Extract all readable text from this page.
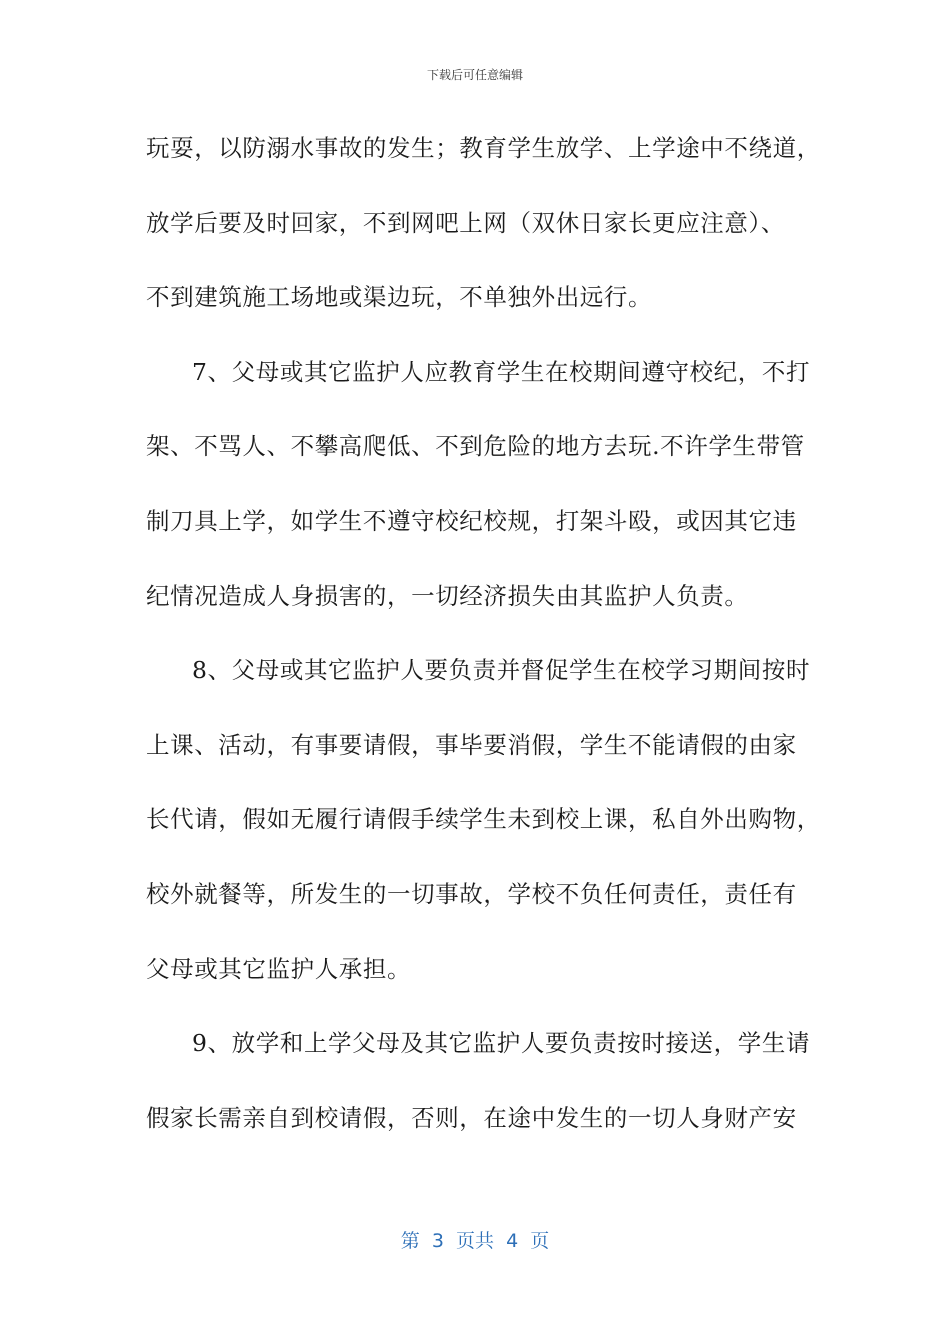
下载后可任意编辑
玩耍，以防溺水事故的发生；教育学生放学、上学途中不绕道，
放学后要及时回家，不到网吧上网（双休日家长更应注意）、
不到建筑施工场地或渠边玩，不单独外出远行。
7、父母或其它监护人应教育学生在校期间遵守校纪，不打
架、不骂人、不攀高爬低、不到危险的地方去玩.不许学生带管
制刀具上学，如学生不遵守校纪校规，打架斗殴，或因其它违
纪情况造成人身损害的，一切经济损失由其监护人负责。
8、父母或其它监护人要负责并督促学生在校学习期间按时
上课、活动，有事要请假，事毕要消假，学生不能请假的由家
长代请，假如无履行请假手续学生未到校上课，私自外出购物，
校外就餐等，所发生的一切事故，学校不负任何责任，责任有
父母或其它监护人承担。
9、放学和上学父母及其它监护人要负责按时接送，学生请
假家长需亲自到校请假，否则，在途中发生的一切人身财产安
第  3  页共  4  页
